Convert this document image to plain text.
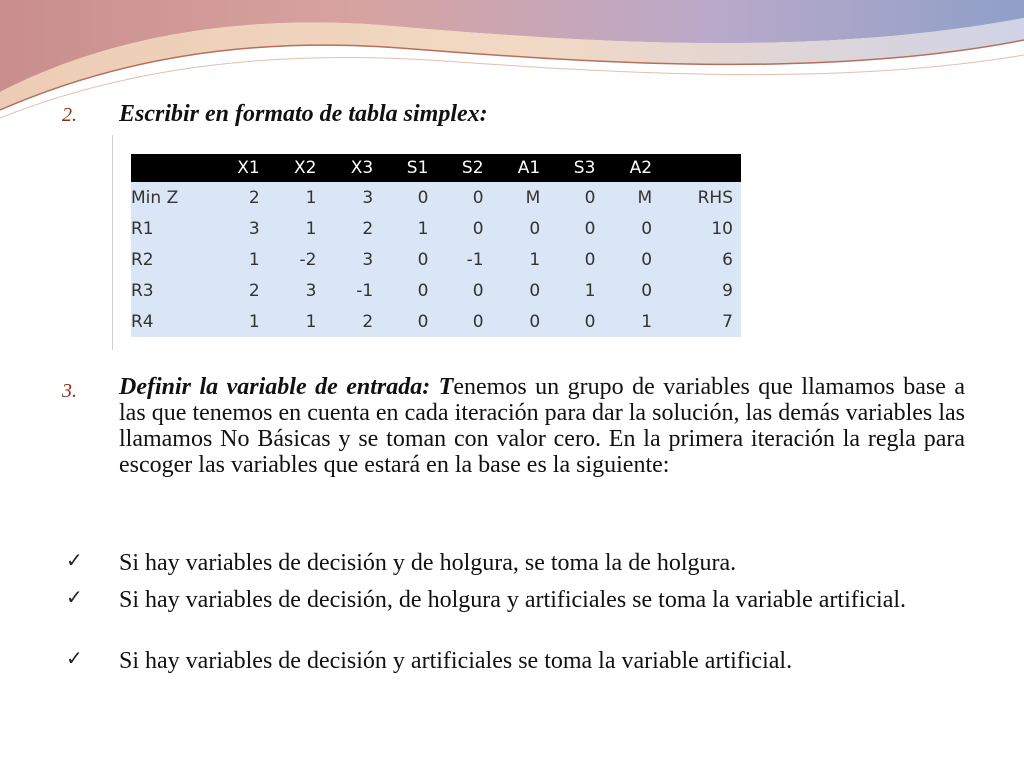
2. Escribir en formato de tabla simplex:
	X1	X2	X3	S1	S2	A1	S3	A2	
Min Z	2	1	3	0	0	M	0	M	RHS
R1	3	1	2	1	0	0	0	0	10
R2	1	-2	3	0	-1	1	0	0	6
R3	2	3	-1	0	0	0	1	0	9
R4	1	1	2	0	0	0	0	1	7
3. Definir la variable de entrada: Tenemos un grupo de variables que llamamos base a las que tenemos en cuenta en cada iteración para dar la solución, las demás variables las llamamos No Básicas y se toman con valor cero. En la primera iteración la regla para escoger las variables que estará en la base es la siguiente:
✓ Si hay variables de decisión y de holgura, se toma la de holgura.
✓ Si hay variables de decisión, de holgura y artificiales se toma la variable artificial.
✓ Si hay variables de decisión y artificiales se toma la variable artificial.
